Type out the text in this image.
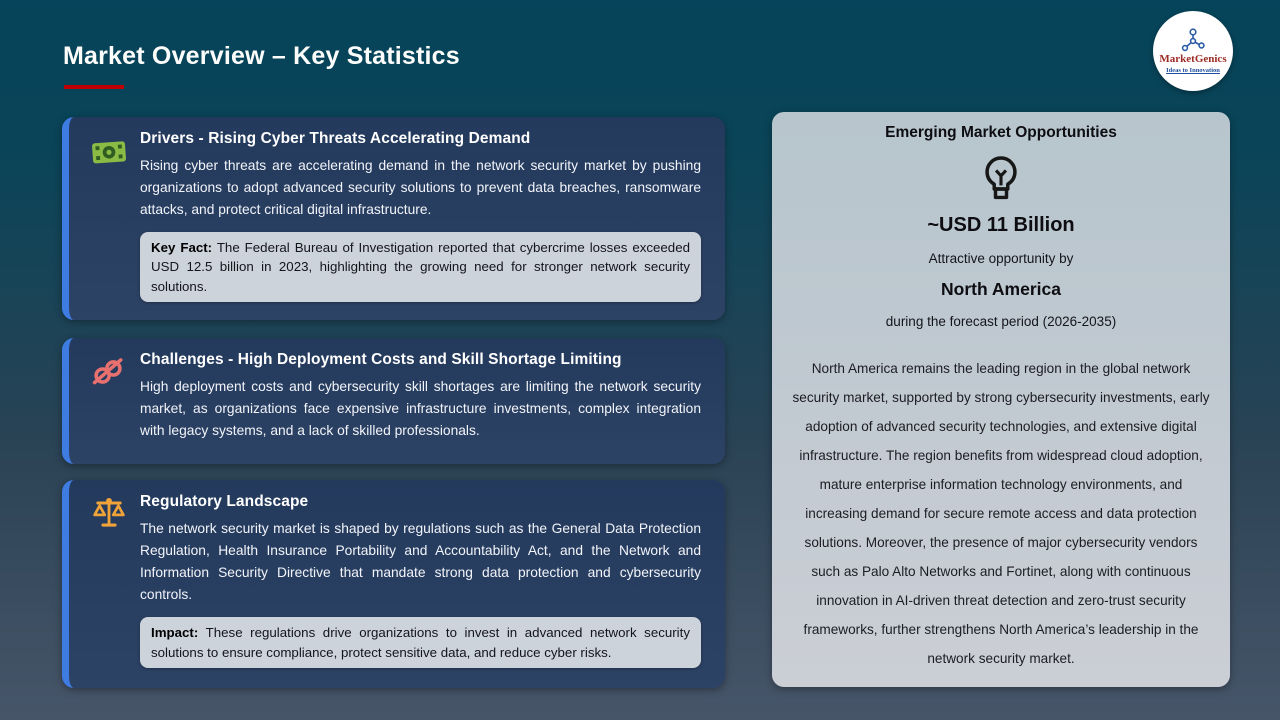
Market Overview – Key Statistics	MarketGenics
Ideas to Innovation
Drivers - Rising Cyber Threats Accelerating Demand

Rising cyber threats are accelerating demand in the network security market by pushing organizations to adopt advanced security solutions to prevent data breaches, ransomware attacks, and protect critical digital infrastructure.

Key Fact: The Federal Bureau of Investigation reported that cybercrime losses exceeded USD 12.5 billion in 2023, highlighting the growing need for stronger network security solutions.
Challenges - High Deployment Costs and Skill Shortage Limiting

High deployment costs and cybersecurity skill shortages are limiting the network security market, as organizations face expensive infrastructure investments, complex integration with legacy systems, and a lack of skilled professionals.

Regulatory Landscape

The network security market is shaped by regulations such as the General Data Protection Regulation, Health Insurance Portability and Accountability Act, and the Network and Information Security Directive that mandate strong data protection and cybersecurity controls.

Impact: These regulations drive organizations to invest in advanced network security solutions to ensure compliance, protect sensitive data, and reduce cyber risks.
Emerging Market Opportunities
~USD 11 Billion
Attractive opportunity by
North America
during the forecast period (2026-2035)

North America remains the leading region in the global network security market, supported by strong cybersecurity investments, early adoption of advanced security technologies, and extensive digital infrastructure. The region benefits from widespread cloud adoption, mature enterprise information technology environments, and increasing demand for secure remote access and data protection solutions. Moreover, the presence of major cybersecurity vendors such as Palo Alto Networks and Fortinet, along with continuous innovation in AI-driven threat detection and zero-trust security frameworks, further strengthens North America’s leadership in the network security market.
